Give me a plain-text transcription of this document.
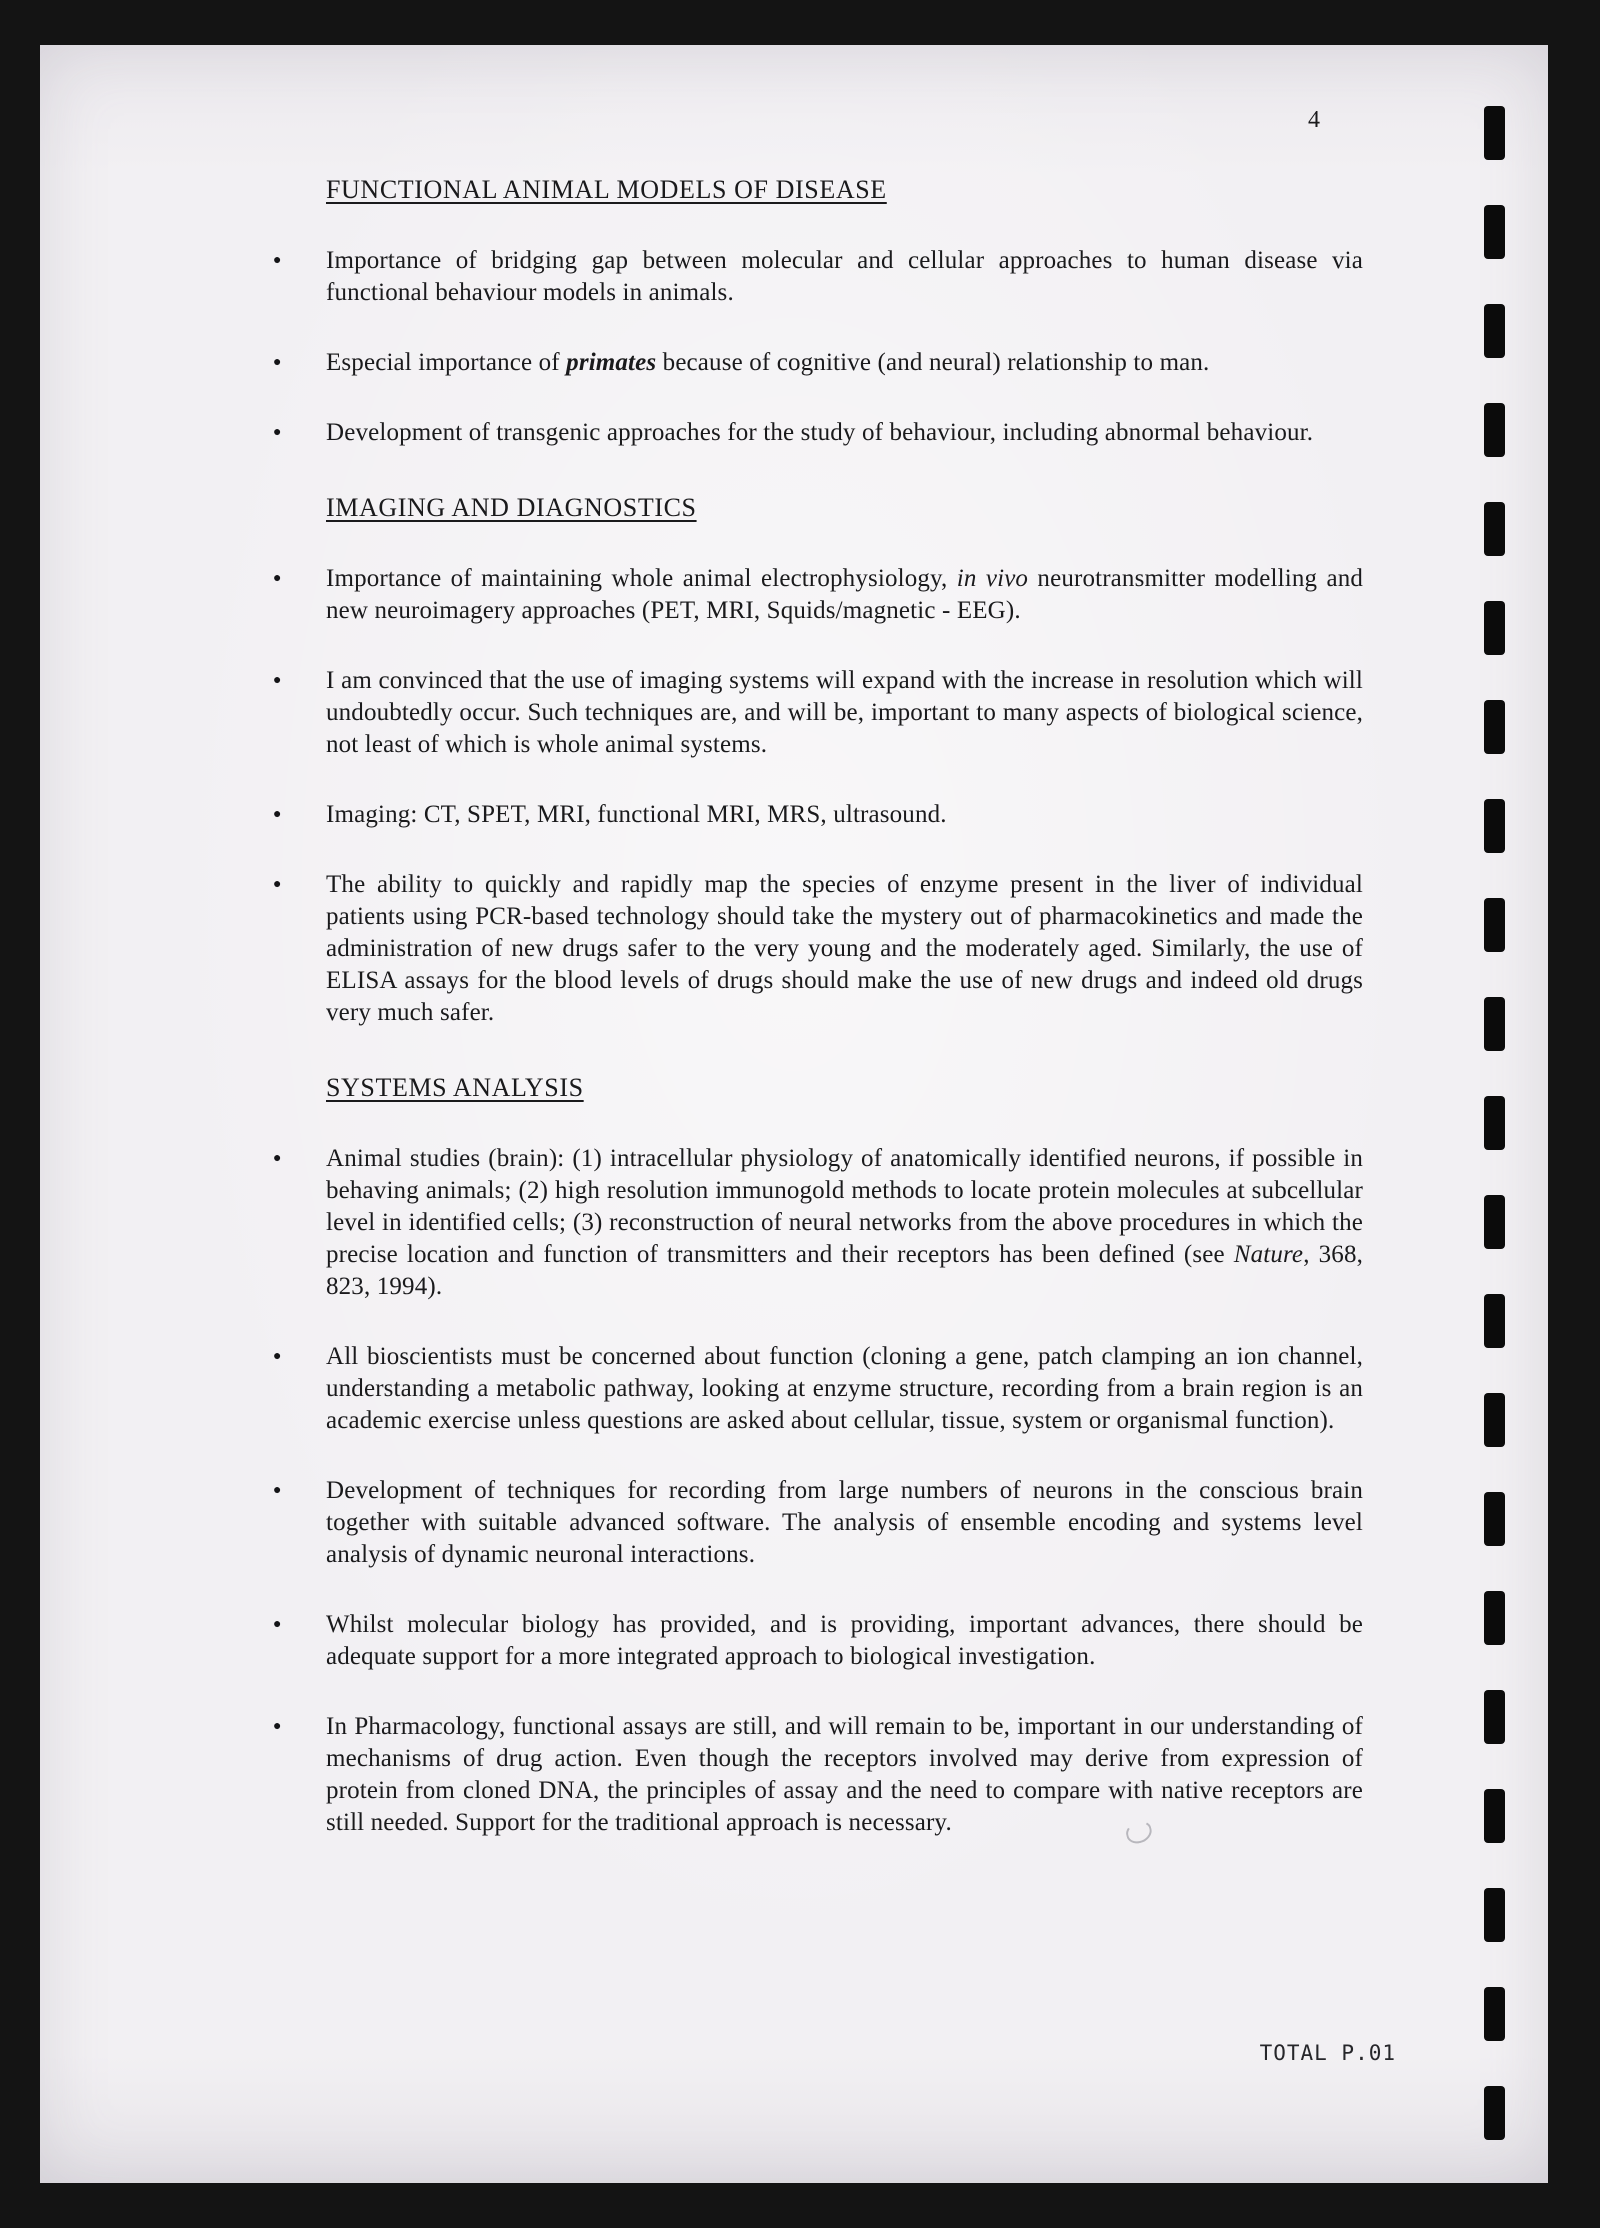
4
FUNCTIONAL ANIMAL MODELS OF DISEASE
● Importance of bridging gap between molecular and cellular approaches to human disease via functional behaviour models in animals.

● Especial importance of primates because of cognitive (and neural) relationship to man.

● Development of transgenic approaches for the study of behaviour, including abnormal behaviour.

IMAGING AND DIAGNOSTICS
● Importance of maintaining whole animal electrophysiology, in vivo neurotransmitter modelling and new neuroimagery approaches (PET, MRI, Squids/magnetic - EEG).

● I am convinced that the use of imaging systems will expand with the increase in resolution which will undoubtedly occur. Such techniques are, and will be, important to many aspects of biological science, not least of which is whole animal systems.

● Imaging: CT, SPET, MRI, functional MRI, MRS, ultrasound.

● The ability to quickly and rapidly map the species of enzyme present in the liver of individual patients using PCR-based technology should take the mystery out of pharmacokinetics and made the administration of new drugs safer to the very young and the moderately aged. Similarly, the use of ELISA assays for the blood levels of drugs should make the use of new drugs and indeed old drugs very much safer.

SYSTEMS ANALYSIS
● Animal studies (brain): (1) intracellular physiology of anatomically identified neurons, if possible in behaving animals; (2) high resolution immunogold methods to locate protein molecules at subcellular level in identified cells; (3) reconstruction of neural networks from the above procedures in which the precise location and function of transmitters and their receptors has been defined (see Nature, 368, 823, 1994).

● All bioscientists must be concerned about function (cloning a gene, patch clamping an ion channel, understanding a metabolic pathway, looking at enzyme structure, recording from a brain region is an academic exercise unless questions are asked about cellular, tissue, system or organismal function).

● Development of techniques for recording from large numbers of neurons in the conscious brain together with suitable advanced software. The analysis of ensemble encoding and systems level analysis of dynamic neuronal interactions.

● Whilst molecular biology has provided, and is providing, important advances, there should be adequate support for a more integrated approach to biological investigation.

● In Pharmacology, functional assays are still, and will remain to be, important in our understanding of mechanisms of drug action. Even though the receptors involved may derive from expression of protein from cloned DNA, the principles of assay and the need to compare with native receptors are still needed. Support for the traditional approach is necessary.

TOTAL P.01
